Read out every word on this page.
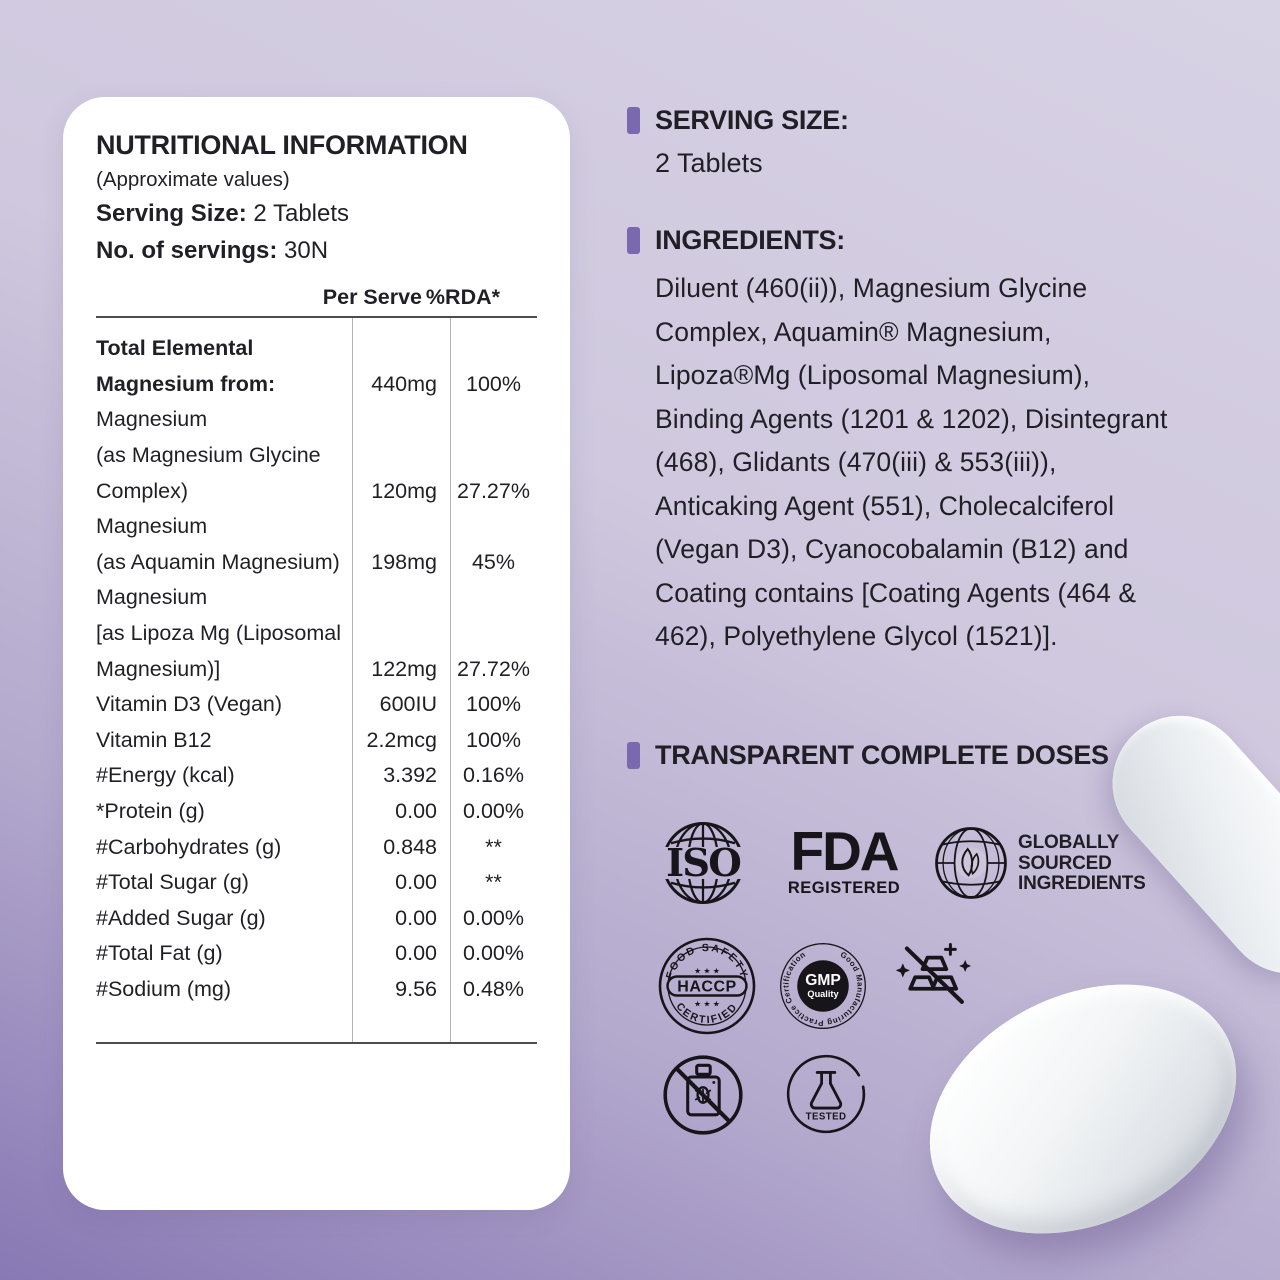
NUTRITIONAL INFORMATION
(Approximate values)
Serving Size: 2 Tablets
No. of servings: 30N
Per Serve %RDA*
Total Elemental
Magnesium from:	440mg	100%
Magnesium
(as Magnesium Glycine
Complex)	120mg 27.27%
Magnesium
(as Aquamin Magnesium)	198mg	45%
Magnesium
[as Lipoza Mg (Liposomal
Magnesium)]	122mg 27.72%
Vitamin D3 (Vegan)	600IU	100%
Vitamin B12	2.2mcg	100%
#Energy (kcal)	3.392	0.16%
*Protein (g)	0.00	0.00%
#Carbohydrates (g)	0.848	**
#Total Sugar (g)	0.00	**
#Added Sugar (g)	0.00	0.00%
#Total Fat (g)	0.00	0.00%
#Sodium (mg)	9.56	0.48%

SERVING SIZE:
2 Tablets
INGREDIENTS:
Diluent (460(ii)), Magnesium Glycine Complex, Aquamin® Magnesium, Lipoza®Mg (Liposomal Magnesium), Binding Agents (1201 & 1202), Disintegrant (468), Glidants (470(iii) & 553(iii)), Anticaking Agent (551), Cholecalciferol (Vegan D3), Cyanocobalamin (B12) and Coating contains [Coating Agents (464 & 462), Polyethylene Glycol (1521)].
TRANSPARENT COMPLETE DOSES
ISO FDA
REGISTERED
GLOBALLY
SOURCED
INGREDIENTS
FOOD SAFETY
★ ★ ★
HACCP
★ ★ ★
CERTIFIED
Good Manufacturing Practice Certification
GMP
Quality
TESTED
